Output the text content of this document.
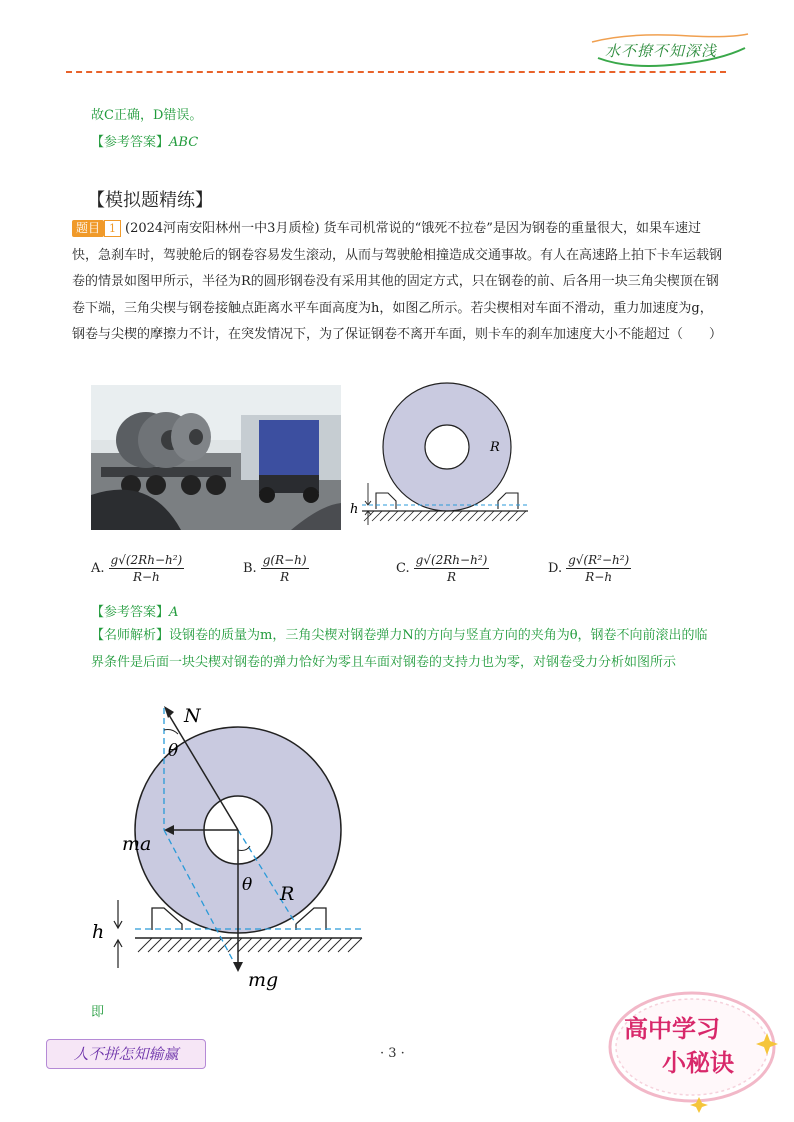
水不撩不知深浅
故C正确，D错误。
【参考答案】ABC
【模拟题精练】
题目 1 (2024河南安阳林州一中3月质检) 货车司机常说的“饿死不拉卷”是因为钢卷的重量很大，如果车速过快，急刹车时，驾驶舱后的钢卷容易发生滚动，从而与驾驶舱相撞造成交通事故。有人在高速路上拍下卡车运载钢卷的情景如图甲所示，半径为R的圆形钢卷没有采用其他的固定方式，只在钢卷的前、后各用一块三角尖楔顶在钢卷下端，三角尖楔与钢卷接触点距离水平车面高度为h，如图乙所示。若尖楔相对车面不滑动，重力加速度为g，钢卷与尖楔的摩擦力不计，在突发情况下，为了保证钢卷不离开车面，则卡车的刹车加速度大小不能超过（　　）
R
h
A. $\frac{\text{g√(2Rh−h²)}}{R-h}$	B. $\frac{g(R-h)}{R}$	C. $\frac{\text{g√(2Rh−h²)}}{R}$	D. $\frac{\text{g√(R²−h²)}}{R-h}$
【参考答案】A
【名师解析】设钢卷的质量为m，三角尖楔对钢卷弹力N的方向与竖直方向的夹角为θ，钢卷不向前滚出的临界条件是后面一块尖楔对钢卷的弹力恰好为零且车面对钢卷的支持力也为零，对钢卷受力分析如图所示
N
θ
ma
θ R
h
mg
即
人不拼怎知输赢	· 3 ·
高中学习
小秘诀
